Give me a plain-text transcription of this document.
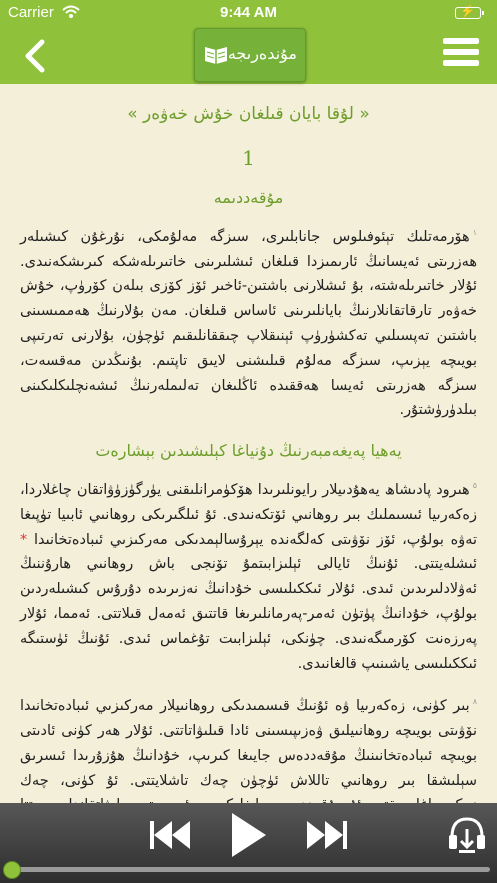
Carrier	9:44 AM	⚡
مۇندەرىجە
« لۇقا بايان قىلغان خۇش خەۋەر »
1
مۇقەددىمە

$^١$ھۆرمەتلىك تېئوفىلوس جانابلىرى، سىزگە مەلۇمكى، نۇرغۇن كىشىلەر ھەزرىتى ئەيسانىڭ ئارىمىزدا قىلغان ئىشلىرىنى خاتىرىلەشكە كىرىشكەنىدى. ئۇلار خاتىرىلەشتە، بۇ ئىشلارنى باشتىن-ئاخىر ئۆز كۆزى بىلەن كۆرۈپ، خۇش خەۋەر تارقاتقانلارنىڭ بايانلىرىنى ئاساس قىلغان. مەن بۇلارنىڭ ھەممىسىنى باشتىن تەپسىلىي تەكشۈرۈپ ئېنىقلاپ چىققانلىقىم ئۈچۈن، بۇلارنى تەرتىپى بويىچە يېزىپ، سىزگە مەلۇم قىلىشنى لايىق تاپتىم. بۇنىڭدىن مەقسەت، سىزگە ھەزرىتى ئەيسا ھەققىدە ئاڭلىغان تەلىملەرنىڭ ئىشەنچلىكلىكىنى بىلدۈرۈشتۇر.

يەھيا پەيغەمبەرنىڭ دۇنياغا كېلىشىدىن بېشارەت

$^٥$ھىرود پادىشاھ يەھۇدىيلار رايونلىرىدا ھۆكۈمرانلىقنى يۈرگۈزۈۋاتقان چاغلاردا، زەكەرىيا ئىسىملىك بىر روھانىي ئۆتكەنىدى. ئۇ ئىلگىرىكى روھانىي ئابىيا تۈپىغا تەۋە بولۇپ، ئۆز نۆۋىتى كەلگەندە يېرۇسالېمدىكى مەركىزىي ئىبادەتخانىدا * ئىشلەيتتى. ئۇنىڭ ئايالى ئېلىزابىتمۇ تۆنجى باش روھانىي ھارۇننىڭ ئەۋلادلىرىدىن ئىدى. ئۇلار ئىككىلىسى خۇدانىڭ نەزىرىدە دۇرۇس كىشىلەردىن بولۇپ، خۇدانىڭ پۈتۈن ئەمر-پەرمانلىرىغا قاتتىق ئەمەل قىلاتتى. ئەمما، ئۇلار پەرزەنت كۆرمىگەنىدى. چۈنكى، ئېلىزابىت تۇغماس ئىدى. ئۇنىڭ ئۈستىگە ئىككىلىسى ياشىنىپ قالغانىدى.

$^٨$بىر كۈنى، زەكەرىيا ۋە ئۇنىڭ قىسمىدىكى روھانىيلار مەركىزىي ئىبادەتخانىدا نۆۋىتى بويىچە روھانىيلىق ۋەزىپىسىنى ئادا قىلىۋاتاتتى. ئۇلار ھەر كۈنى ئادىتى بويىچە ئىبادەتخانىنىڭ مۇقەددەس جايىغا كىرىپ، خۇدانىڭ ھۇزۇرىدا ئىسرىق سېلىشقا بىر روھانىي تاللاش ئۈچۈن چەك تاشلايتتى. ئۇ كۈنى، چەك
